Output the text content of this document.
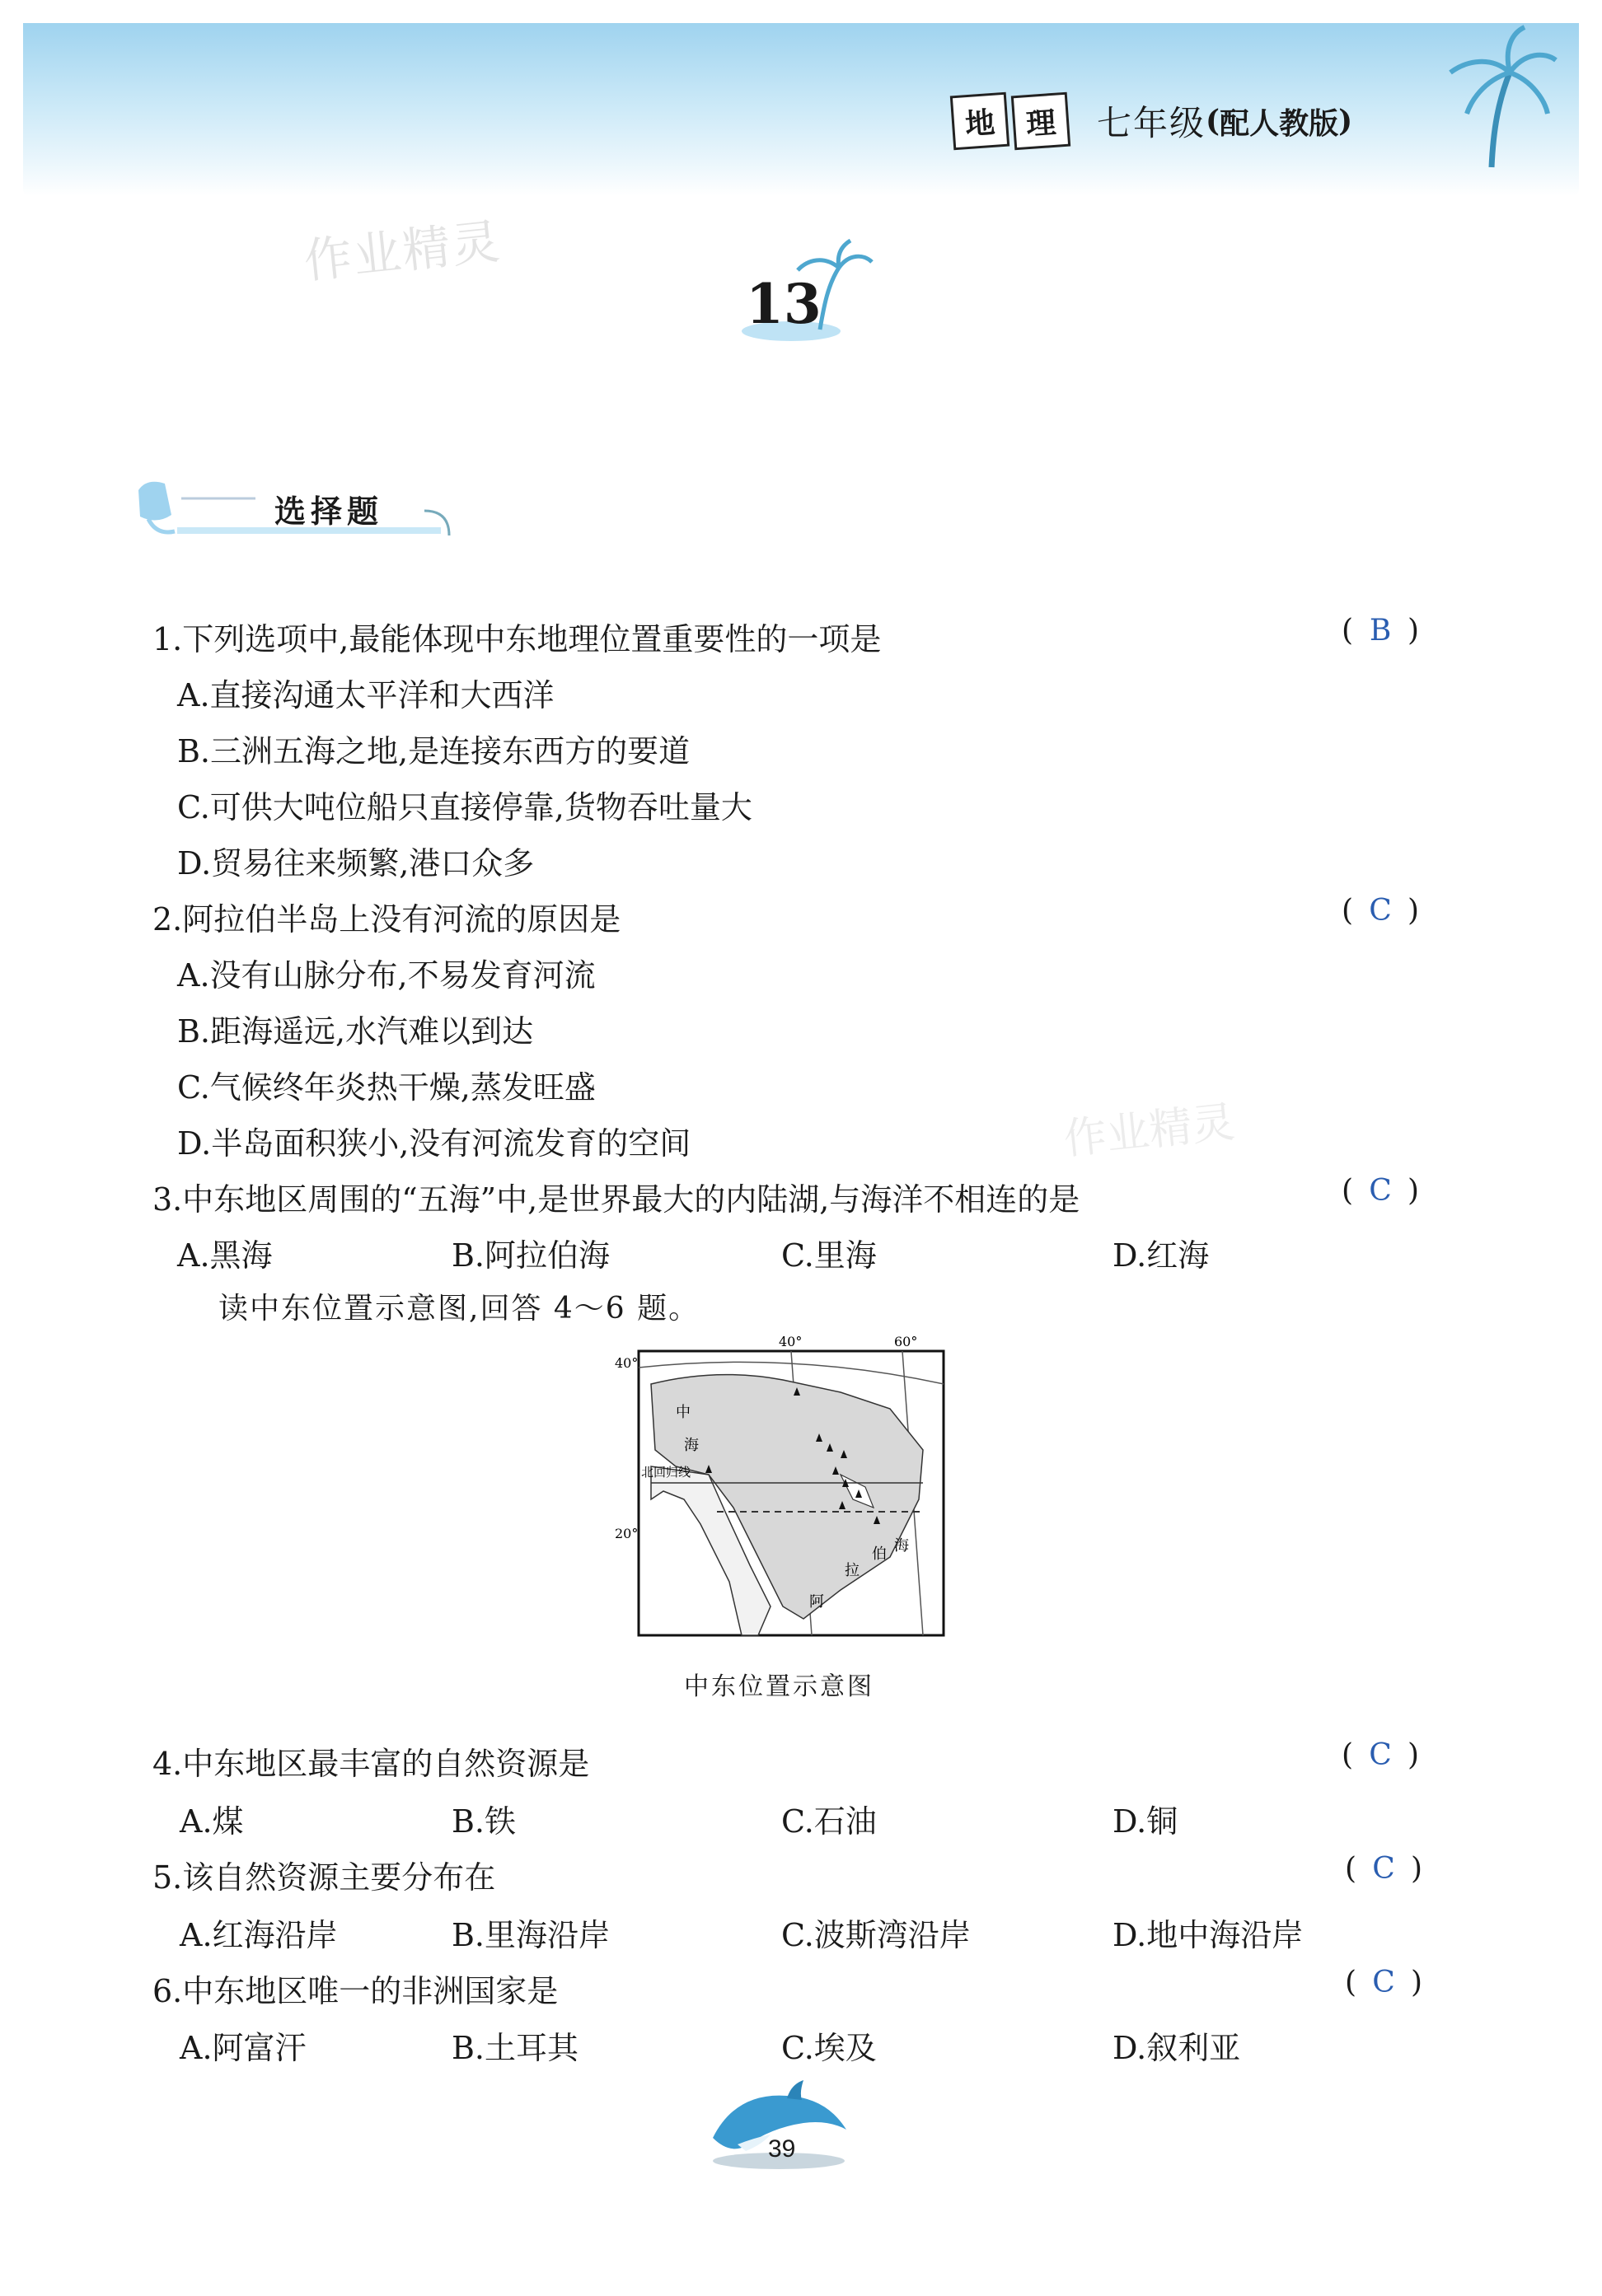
地 理	七年级 ( 配人教版 )
作业精灵
13
选择题
1.下列选项中,最能体现中东地理位置重要性的一项是	( B )
A.直接沟通太平洋和大西洋
B.三洲五海之地,是连接东西方的要道
C.可供大吨位船只直接停靠,货物吞吐量大
D.贸易往来频繁,港口众多
2.阿拉伯半岛上没有河流的原因是	( C )
A.没有山脉分布,不易发育河流
B.距海遥远,水汽难以到达
C.气候终年炎热干燥,蒸发旺盛
D.半岛面积狭小,没有河流发育的空间	作业精灵
3.中东地区周围的“五海”中,是世界最大的内陆湖,与海洋不相连的是	( C )
A.黑海	B.阿拉伯海	C.里海	D.红海
读中东位置示意图,回答 4～6 题。
40°	60°
40°
20°
北回归线
中
海
拉
伯 海
阿
中东位置示意图
4.中东地区最丰富的自然资源是	( C )
A.煤	B.铁	C.石油	D.铜
5.该自然资源主要分布在	( C )
A.红海沿岸	B.里海沿岸	C.波斯湾沿岸	D.地中海沿岸
6.中东地区唯一的非洲国家是	( C )
A.阿富汗	B.土耳其	C.埃及	D.叙利亚
39
